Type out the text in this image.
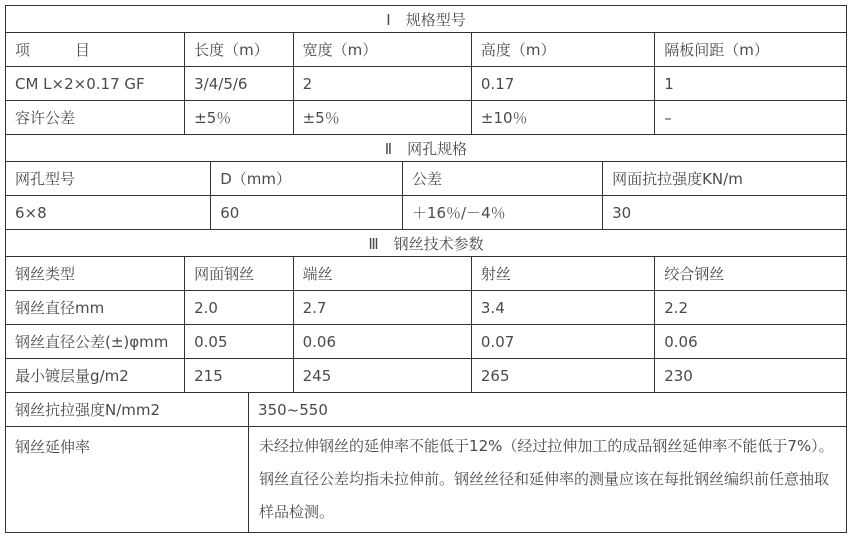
Ⅰ　规格型号				
项　　　目	长度（m）	宽度（m）	高度（m）	隔板间距（m）
CM L×2×0.17 GF	3/4/5/6	2	0.17	1
容许公差	±5％	±5％	±10％	–
Ⅱ　网孔规格			
网孔型号	D（mm）	公差	网面抗拉强度KN/m
6×8	60	＋16％/－4％	30
Ⅲ　钢丝技术参数				
钢丝类型	网面钢丝	端丝	射丝	绞合钢丝
钢丝直径mm	2.0	2.7	3.4	2.2
钢丝直径公差(±)φmm	0.05	0.06	0.07	0.06
最小镀层量g/m2	215	245	265	230
钢丝抗拉强度N/mm2	350~550
钢丝延伸率	未经拉伸钢丝的延伸率不能低于12%（经过拉伸加工的成品钢丝延伸率不能低于7%）。钢丝直径公差均指未拉伸前。钢丝丝径和延伸率的测量应该在每批钢丝编织前任意抽取样品检测。
